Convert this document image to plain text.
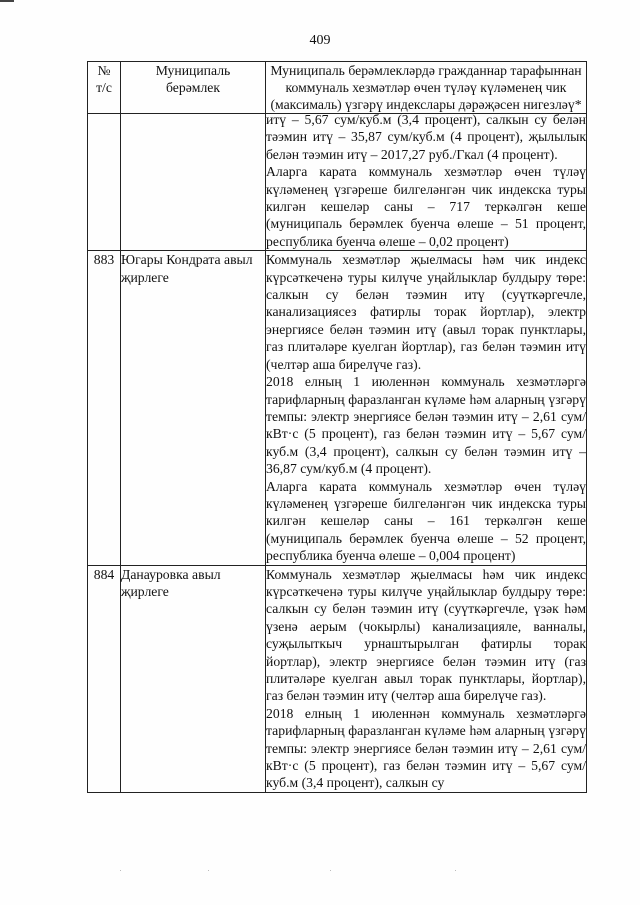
409
№ т/с	Муниципаль берәмлек	Муниципаль берәмлекләрдә гражданнар тарафыннан коммуналь хезмәтләр өчен түләү күләменең чик (максималь) үзгәрү индекслары дәрәҗәсен нигезләү*

		итү – 5,67 сум/куб.м (3,4 процент), салкын су белән тәэмин итү – 35,87 сум/куб.м (4 процент), җылылык белән тәэмин итү – 2017,27 руб./Гкал (4 процент).
Аларга карата коммуналь хезмәтләр өчен түләү күләменең үзгәреше билгеләнгән чик индекска туры килгән кешеләр саны – 717 теркәлгән кеше (муниципаль берәмлек буенча өлеше – 51 процент, республика буенча өлеше – 0,02 процент)

883	Югары Кондрата авыл җирлеге	Коммуналь хезмәтләр җыелмасы һәм чик индекс күрсәткеченә туры килүче уңайлыклар булдыру төре: салкын су белән тәэмин итү (суүткәргечле, канализациясез фатирлы торак йортлар), электр энергиясе белән тәэмин итү (авыл торак пунктлары, газ плитәләре куелган йортлар), газ белән тәэмин итү (челтәр аша бирелүче газ).
2018 елның 1 июленнән коммуналь хезмәтләргә тарифларның фаразланган күләме һәм аларның үзгәрү темпы: электр энергиясе белән тәэмин итү – 2,61 сум/кВт·с (5 процент), газ белән тәэмин итү – 5,67 сум/куб.м (3,4 процент), салкын су белән тәэмин итү – 36,87 сум/куб.м (4 процент).
Аларга карата коммуналь хезмәтләр өчен түләү күләменең үзгәреше билгеләнгән чик индекска туры килгән кешеләр саны – 161 теркәлгән кеше (муниципаль берәмлек буенча өлеше – 52 процент, республика буенча өлеше – 0,004 процент)

884	Данауровка авыл җирлеге	Коммуналь хезмәтләр җыелмасы һәм чик индекс күрсәткеченә туры килүче уңайлыклар булдыру төре: салкын су белән тәэмин итү (суүткәргечле, үзәк һәм үзенә аерым (чокырлы) канализацияле, ванналы, суҗылыткыч урнаштырылган фатирлы торак йортлар), электр энергиясе белән тәэмин итү (газ плитәләре куелган авыл торак пунктлары, йортлар), газ белән тәэмин итү (челтәр аша бирелүче газ).
2018 елның 1 июленнән коммуналь хезмәтләргә тарифларның фаразланган күләме һәм аларның үзгәрү темпы: электр энергиясе белән тәэмин итү – 2,61 сум/кВт·с (5 процент), газ белән тәэмин итү – 5,67 сум/куб.м (3,4 процент), салкын су
